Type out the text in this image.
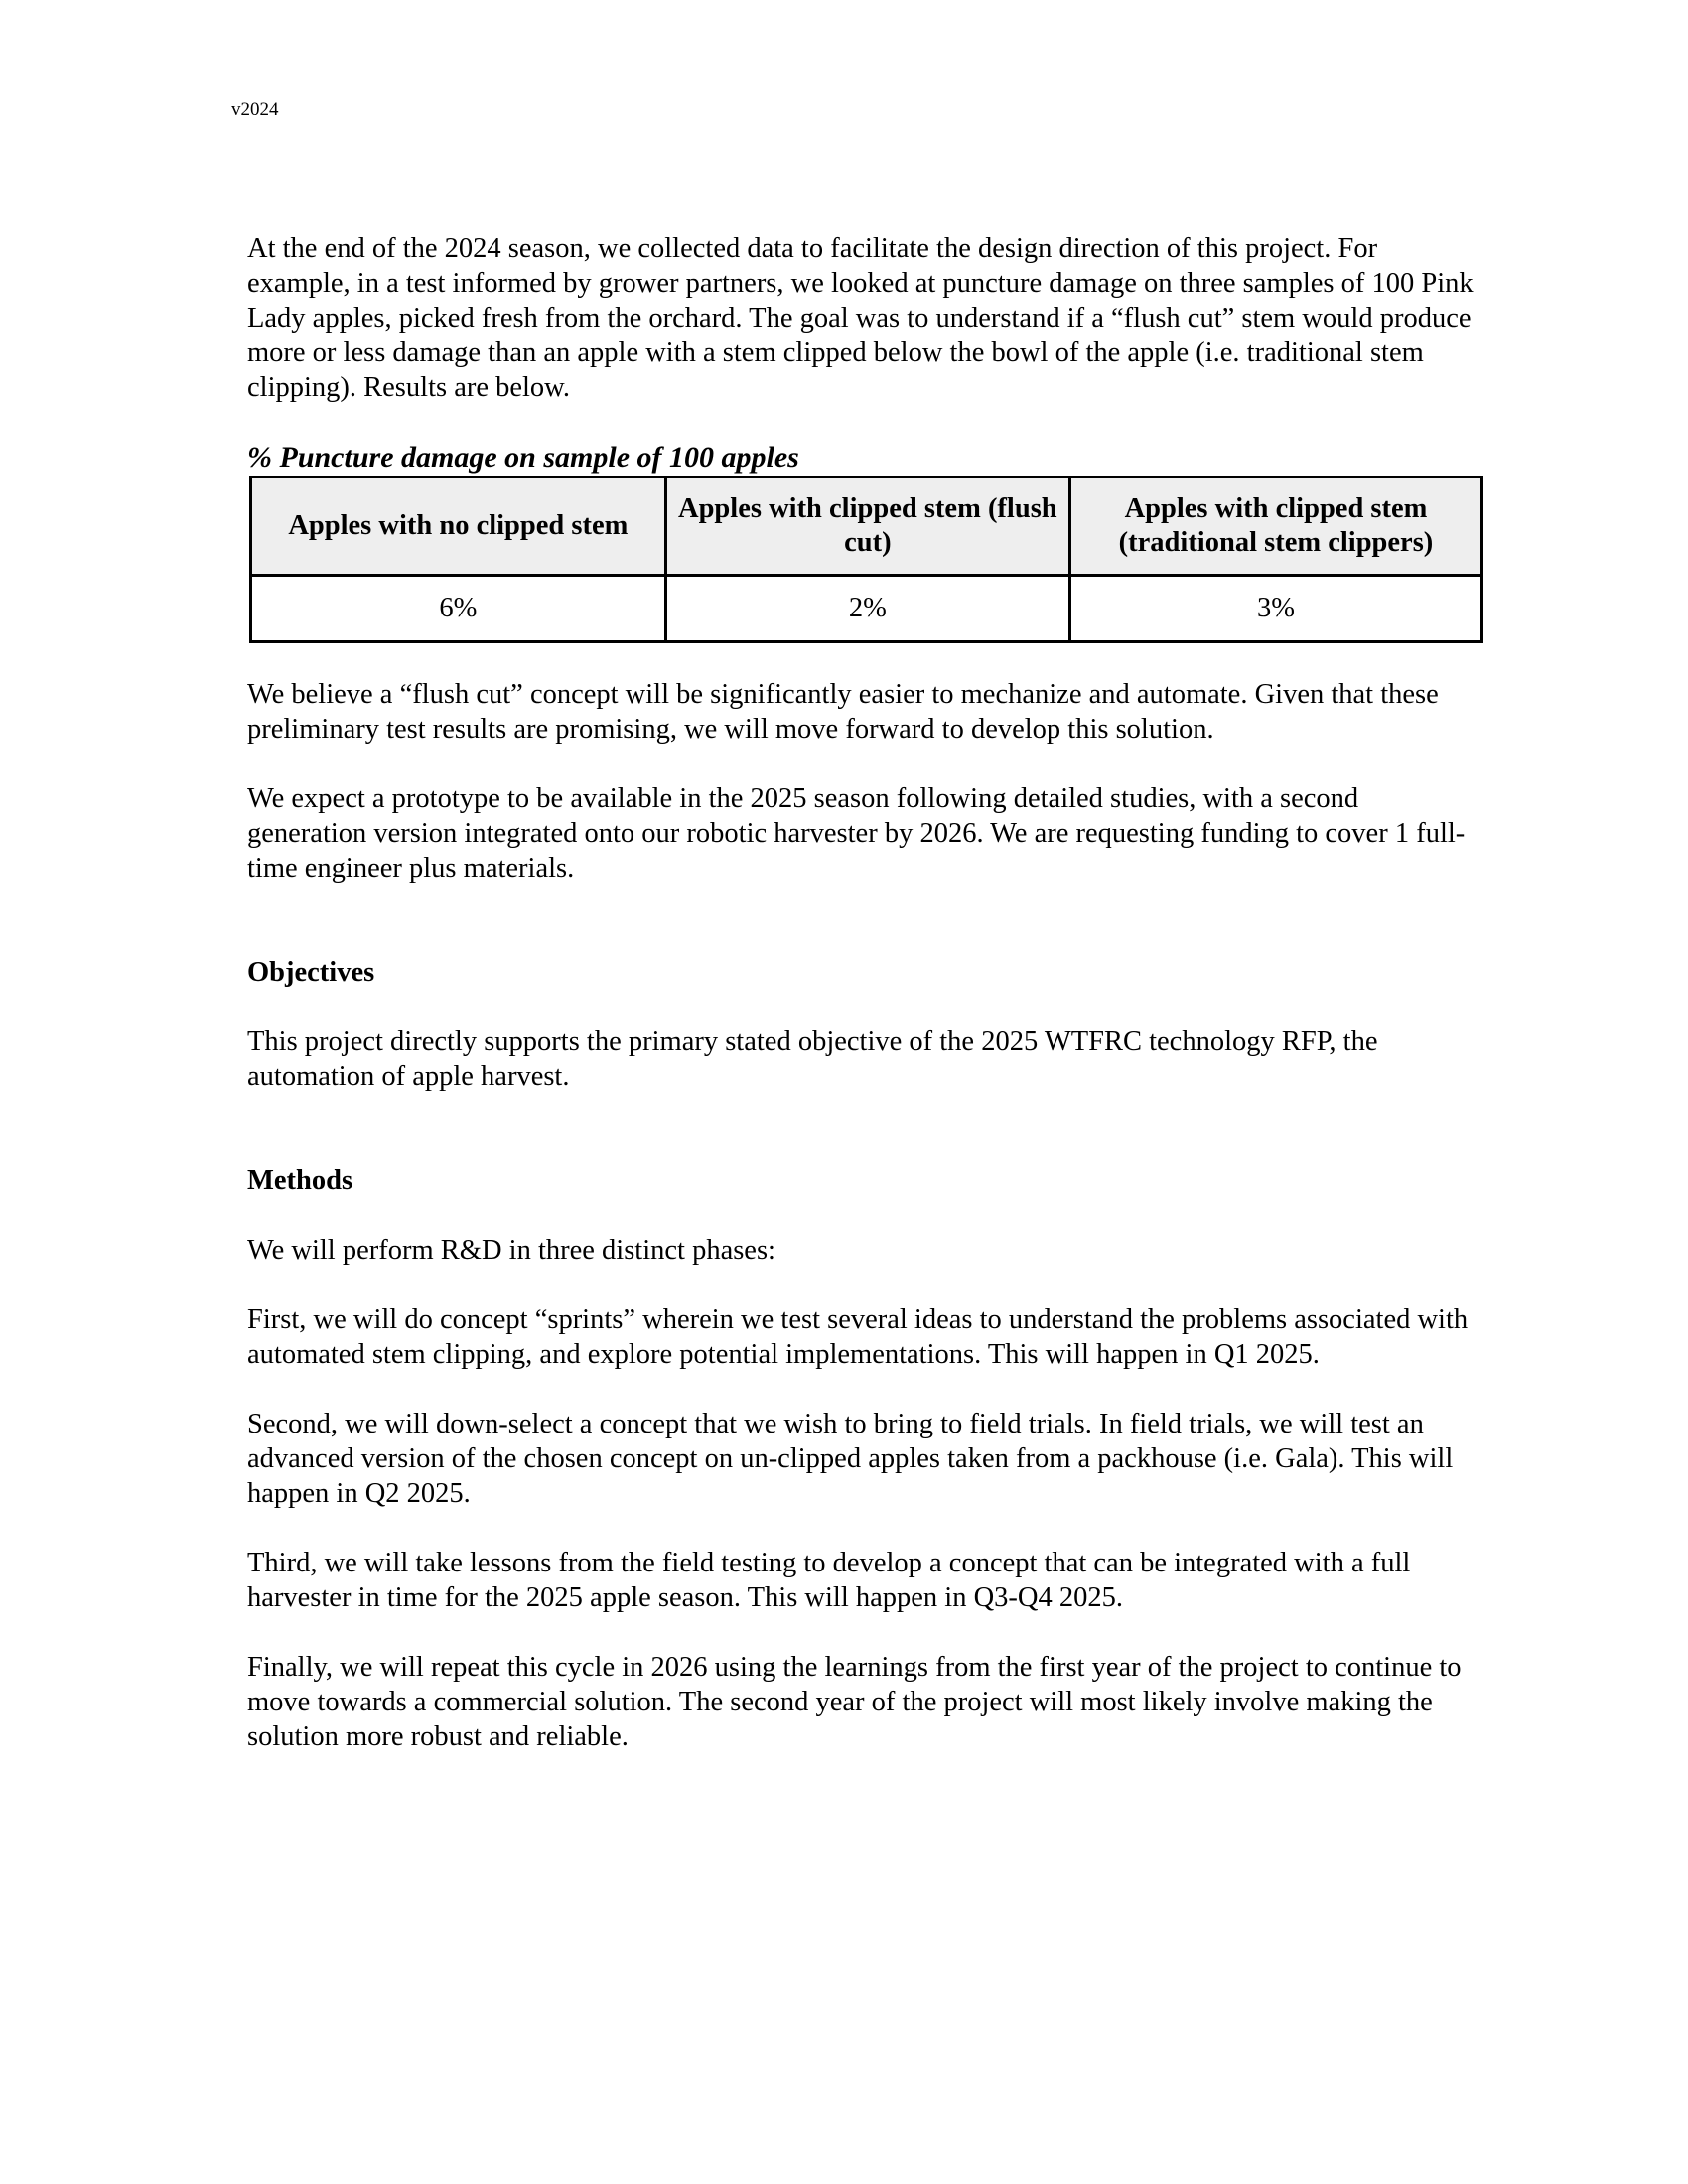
v2024

At the end of the 2024 season, we collected data to facilitate the design direction of this project. For example, in a test informed by grower partners, we looked at puncture damage on three samples of 100 Pink Lady apples, picked fresh from the orchard. The goal was to understand if a “flush cut” stem would produce more or less damage than an apple with a stem clipped below the bowl of the apple (i.e. traditional stem clipping). Results are below.

% Puncture damage on sample of 100 apples

Apples with no clipped stem	Apples with clipped stem (flush cut)	Apples with clipped stem (traditional stem clippers)
6%	2%	3%

We believe a “flush cut” concept will be significantly easier to mechanize and automate. Given that these preliminary test results are promising, we will move forward to develop this solution.

We expect a prototype to be available in the 2025 season following detailed studies, with a second generation version integrated onto our robotic harvester by 2026. We are requesting funding to cover 1 full-time engineer plus materials.

Objectives

This project directly supports the primary stated objective of the 2025 WTFRC technology RFP, the automation of apple harvest.

Methods

We will perform R&D in three distinct phases:

First, we will do concept “sprints” wherein we test several ideas to understand the problems associated with automated stem clipping, and explore potential implementations. This will happen in Q1 2025.

Second, we will down-select a concept that we wish to bring to field trials. In field trials, we will test an advanced version of the chosen concept on un-clipped apples taken from a packhouse (i.e. Gala). This will happen in Q2 2025.

Third, we will take lessons from the field testing to develop a concept that can be integrated with a full harvester in time for the 2025 apple season. This will happen in Q3-Q4 2025.

Finally, we will repeat this cycle in 2026 using the learnings from the first year of the project to continue to move towards a commercial solution. The second year of the project will most likely involve making the solution more robust and reliable.
